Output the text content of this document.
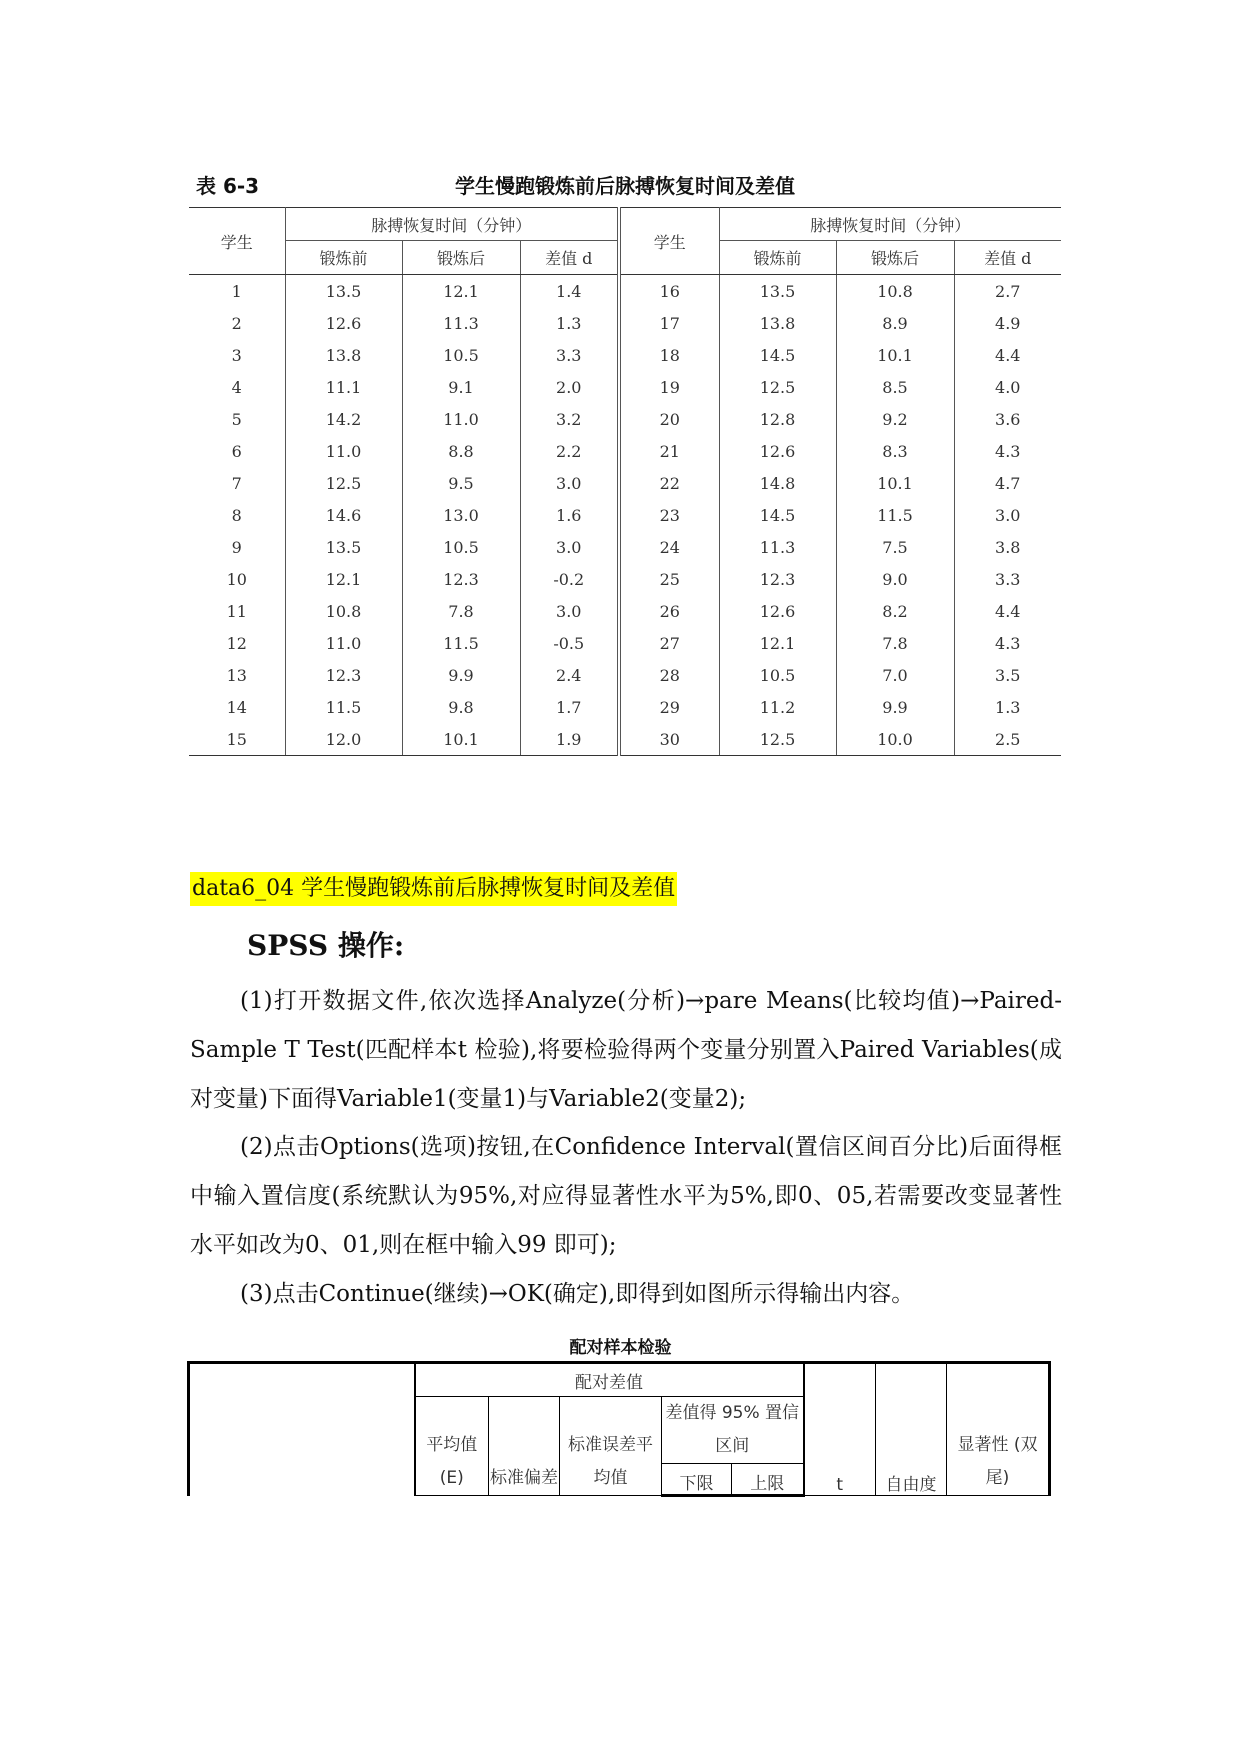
表 6-3	学生慢跑锻炼前后脉搏恢复时间及差值
学生	脉搏恢复时间（分钟）			学生	脉搏恢复时间（分钟）		
	锻炼前	锻炼后	差值 d		锻炼前	锻炼后	差值 d
1	13.5	12.1	1.4	16	13.5	10.8	2.7
2	12.6	11.3	1.3	17	13.8	8.9	4.9
3	13.8	10.5	3.3	18	14.5	10.1	4.4
4	11.1	9.1	2.0	19	12.5	8.5	4.0
5	14.2	11.0	3.2	20	12.8	9.2	3.6
6	11.0	8.8	2.2	21	12.6	8.3	4.3
7	12.5	9.5	3.0	22	14.8	10.1	4.7
8	14.6	13.0	1.6	23	14.5	11.5	3.0
9	13.5	10.5	3.0	24	11.3	7.5	3.8
10	12.1	12.3	-0.2	25	12.3	9.0	3.3
11	10.8	7.8	3.0	26	12.6	8.2	4.4
12	11.0	11.5	-0.5	27	12.1	7.8	4.3
13	12.3	9.9	2.4	28	10.5	7.0	3.5
14	11.5	9.8	1.7	29	11.2	9.9	1.3
15	12.0	10.1	1.9	30	12.5	10.0	2.5
data6_04 学生慢跑锻炼前后脉搏恢复时间及差值
SPSS 操作:

(1)打开数据文件,依次选择Analyze(分析)→pare Means(比较均值)→Paired-Sample T Test(匹配样本t 检验),将要检验得两个变量分别置入Paired Variables(成对变量)下面得Variable1(变量1)与Variable2(变量2);

(2)点击Options(选项)按钮,在Confidence Interval(置信区间百分比)后面得框中输入置信度(系统默认为95%,对应得显著性水平为5%,即0、05,若需要改变显著性水平如改为0、01,则在框中输入99 即可);

(3)点击Continue(继续)→OK(确定),即得到如图所示得输出内容。

配对样本检验
	配对差值					t	自由度	显著性 (双尾)
	平均值 (E)	标准偏差	标准误差平均值	差值得 95% 置信区间				
				下限	上限			
